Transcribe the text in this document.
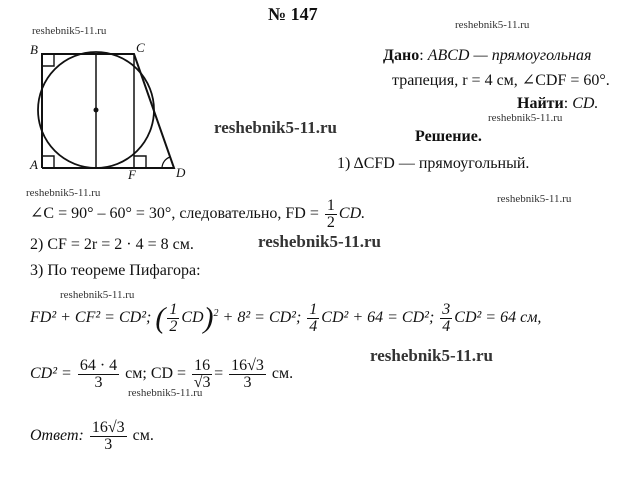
№ 147
reshebnik5-11.ru
reshebnik5-11.ru
reshebnik5-11.ru	reshebnik5-11.ru
reshebnik5-11.ru	reshebnik5-11.ru
reshebnik5-11.ru
reshebnik5-11.ru
reshebnik5-11.ru
reshebnik5-11.ru
B	C
A
F	D
Дано: ABCD — прямоугольная
трапеция, r = 4 см, ∠CDF = 60°.
Найти: CD.
Решение.
1) ΔCFD — прямоугольный.
∠C = 90° – 60° = 30°, следовательно, FD = $\frac{1}{2}$ CD.
2) CF = 2r = 2 · 4 = 8 см.
3) По теореме Пифагора:
FD² + CF² = CD²; ( $\frac{1}{2} CD)^2 + 8^2 = CD^2$; $\frac{1}{4} CD^2 + 64 = CD^2$; $\frac{3}{4} CD^2 = 64$ см,
$CD^2 = \frac{64 \cdot 4}{3}$ см; CD = $\frac{16}{√3} = \frac{16√3}{3}$ см.
Ответ: $\frac{16√3}{3}$ см.
